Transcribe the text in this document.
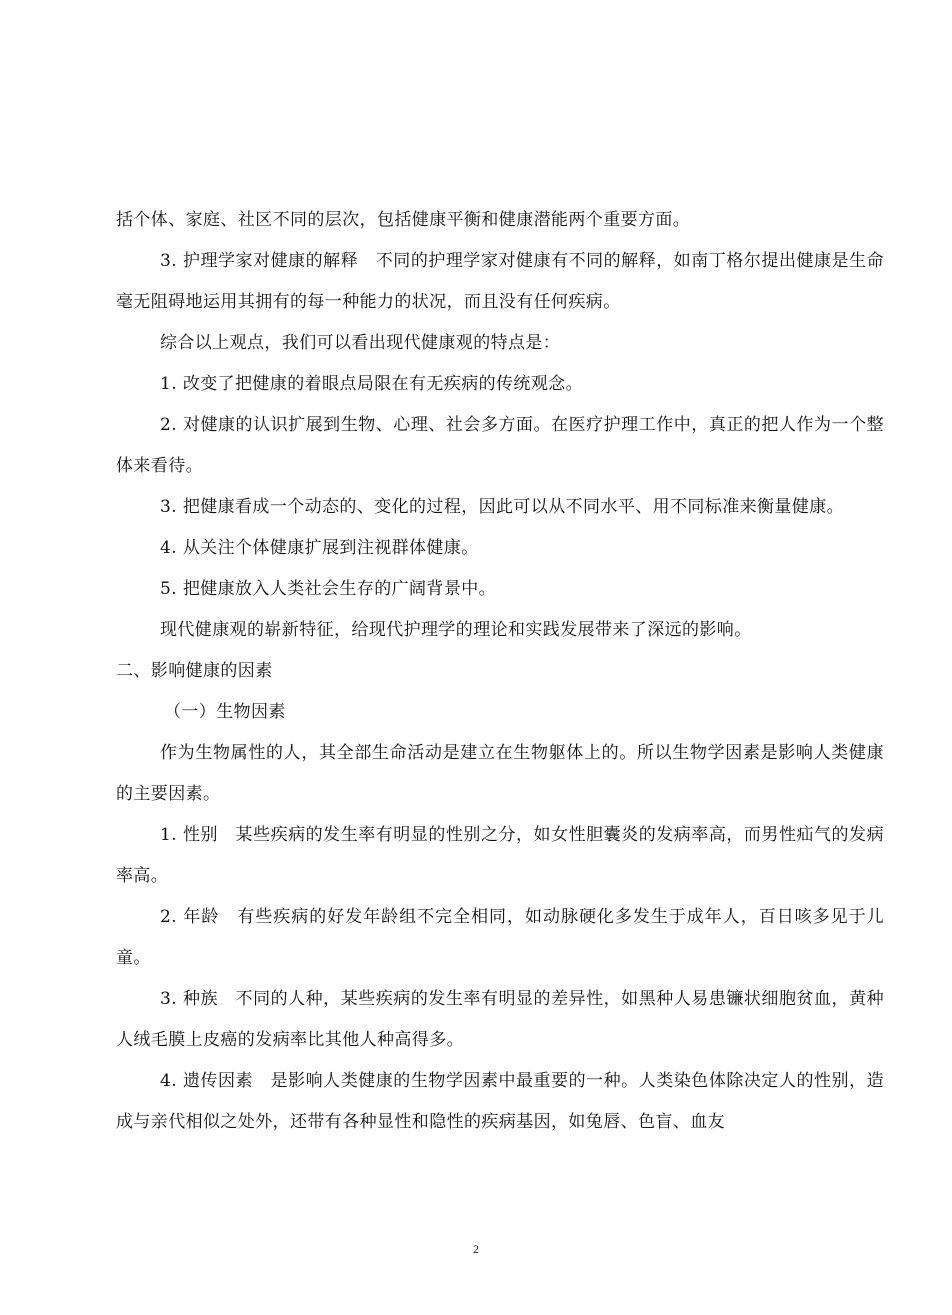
括个体、家庭、社区不同的层次，包括健康平衡和健康潜能两个重要方面。

3. 护理学家对健康的解释　不同的护理学家对健康有不同的解释，如南丁格尔提出健康是生命毫无阻碍地运用其拥有的每一种能力的状况，而且没有任何疾病。

综合以上观点，我们可以看出现代健康观的特点是：

1. 改变了把健康的着眼点局限在有无疾病的传统观念。

2. 对健康的认识扩展到生物、心理、社会多方面。在医疗护理工作中，真正的把人作为一个整体来看待。

3. 把健康看成一个动态的、变化的过程，因此可以从不同水平、用不同标准来衡量健康。

4. 从关注个体健康扩展到注视群体健康。

5. 把健康放入人类社会生存的广阔背景中。

现代健康观的崭新特征，给现代护理学的理论和实践发展带来了深远的影响。

二、影响健康的因素

（一）生物因素

作为生物属性的人，其全部生命活动是建立在生物躯体上的。所以生物学因素是影响人类健康的主要因素。

1. 性别　某些疾病的发生率有明显的性别之分，如女性胆囊炎的发病率高，而男性疝气的发病率高。

2. 年龄　有些疾病的好发年龄组不完全相同，如动脉硬化多发生于成年人，百日咳多见于儿童。

3. 种族　不同的人种，某些疾病的发生率有明显的差异性，如黑种人易患镰状细胞贫血，黄种人绒毛膜上皮癌的发病率比其他人种高得多。

4. 遗传因素　是影响人类健康的生物学因素中最重要的一种。人类染色体除决定人的性别，造成与亲代相似之处外，还带有各种显性和隐性的疾病基因，如兔唇、色盲、血友

2
